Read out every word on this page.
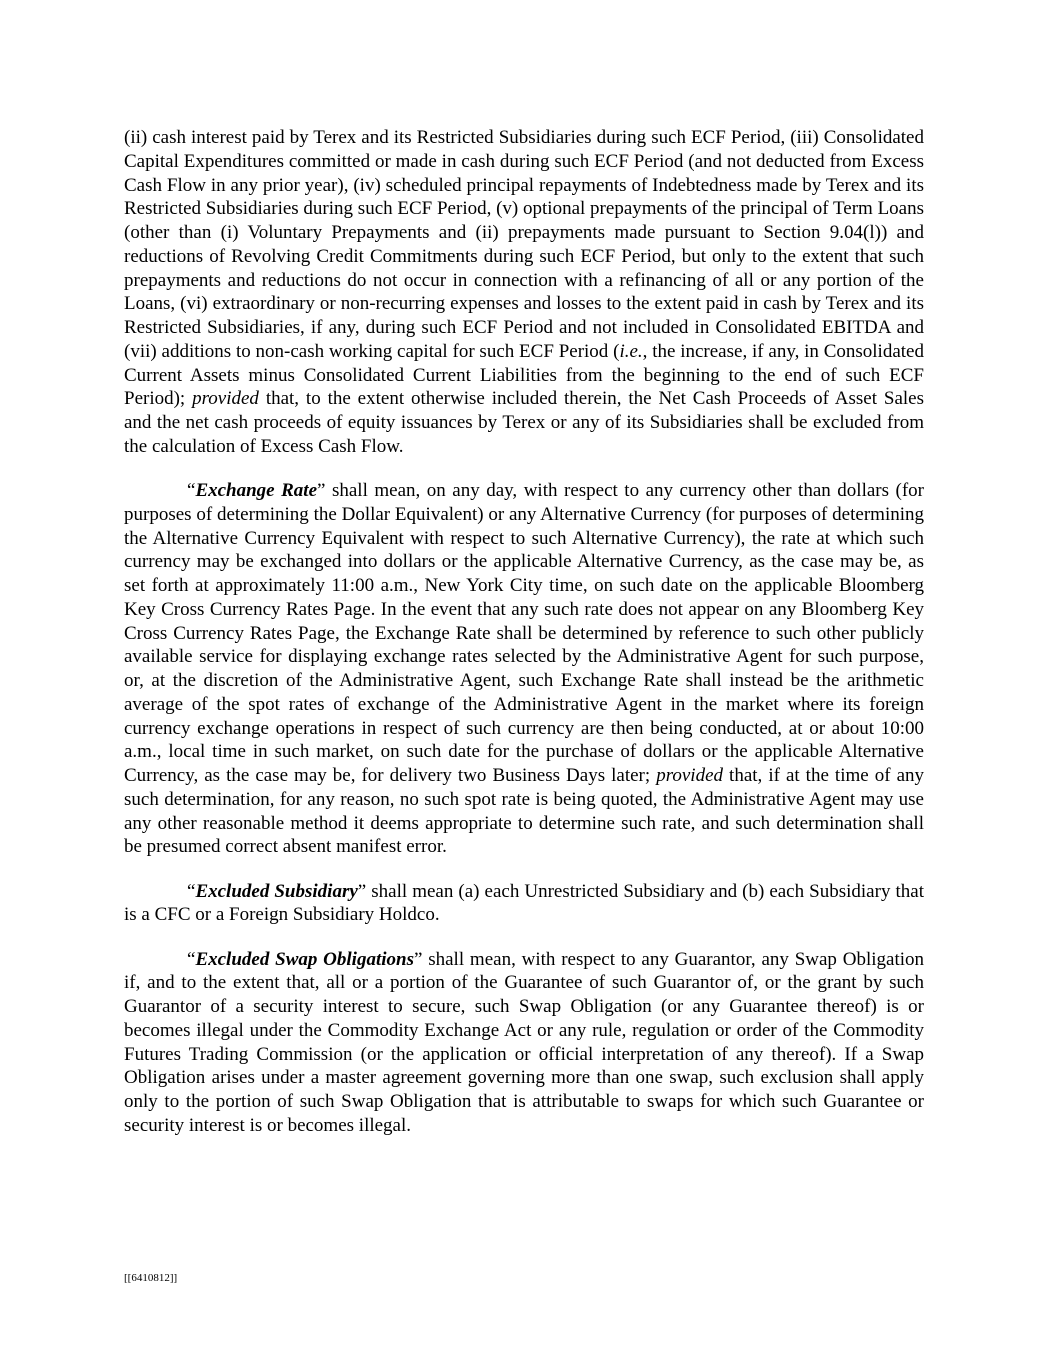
(ii) cash interest paid by Terex and its Restricted Subsidiaries during such ECF Period, (iii) Consolidated Capital Expenditures committed or made in cash during such ECF Period (and not deducted from Excess Cash Flow in any prior year), (iv) scheduled principal repayments of Indebtedness made by Terex and its Restricted Subsidiaries during such ECF Period, (v) optional prepayments of the principal of Term Loans (other than (i) Voluntary Prepayments and (ii) prepayments made pursuant to Section 9.04(l)) and reductions of Revolving Credit Commitments during such ECF Period, but only to the extent that such prepayments and reductions do not occur in connection with a refinancing of all or any portion of the Loans, (vi) extraordinary or non-recurring expenses and losses to the extent paid in cash by Terex and its Restricted Subsidiaries, if any, during such ECF Period and not included in Consolidated EBITDA and (vii) additions to non-cash working capital for such ECF Period (i.e., the increase, if any, in Consolidated Current Assets minus Consolidated Current Liabilities from the beginning to the end of such ECF Period); provided that, to the extent otherwise included therein, the Net Cash Proceeds of Asset Sales and the net cash proceeds of equity issuances by Terex or any of its Subsidiaries shall be excluded from the calculation of Excess Cash Flow.

“Exchange Rate” shall mean, on any day, with respect to any currency other than dollars (for purposes of determining the Dollar Equivalent) or any Alternative Currency (for purposes of determining the Alternative Currency Equivalent with respect to such Alternative Currency), the rate at which such currency may be exchanged into dollars or the applicable Alternative Currency, as the case may be, as set forth at approximately 11:00 a.m., New York City time, on such date on the applicable Bloomberg Key Cross Currency Rates Page. In the event that any such rate does not appear on any Bloomberg Key Cross Currency Rates Page, the Exchange Rate shall be determined by reference to such other publicly available service for displaying exchange rates selected by the Administrative Agent for such purpose, or, at the discretion of the Administrative Agent, such Exchange Rate shall instead be the arithmetic average of the spot rates of exchange of the Administrative Agent in the market where its foreign currency exchange operations in respect of such currency are then being conducted, at or about 10:00 a.m., local time in such market, on such date for the purchase of dollars or the applicable Alternative Currency, as the case may be, for delivery two Business Days later; provided that, if at the time of any such determination, for any reason, no such spot rate is being quoted, the Administrative Agent may use any other reasonable method it deems appropriate to determine such rate, and such determination shall be presumed correct absent manifest error.

“Excluded Subsidiary” shall mean (a) each Unrestricted Subsidiary and (b) each Subsidiary that is a CFC or a Foreign Subsidiary Holdco.

“Excluded Swap Obligations” shall mean, with respect to any Guarantor, any Swap Obligation if, and to the extent that, all or a portion of the Guarantee of such Guarantor of, or the grant by such Guarantor of a security interest to secure, such Swap Obligation (or any Guarantee thereof) is or becomes illegal under the Commodity Exchange Act or any rule, regulation or order of the Commodity Futures Trading Commission (or the application or official interpretation of any thereof). If a Swap Obligation arises under a master agreement governing more than one swap, such exclusion shall apply only to the portion of such Swap Obligation that is attributable to swaps for which such Guarantee or security interest is or becomes illegal.

[[6410812]]
